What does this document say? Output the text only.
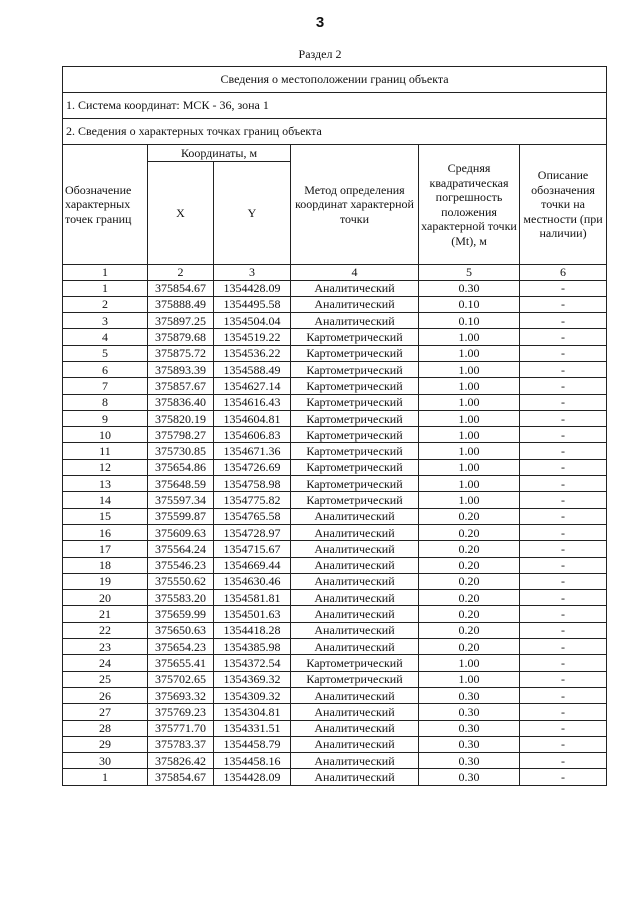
3
Раздел 2
Сведения о местоположении границ объекта					
1. Система координат: МСК - 36, зона 1					
2. Сведения о характерных точках границ объекта					
Обозначение характерных точек границ	Координаты, м		Метод определения координат характерной точки	Средняя квадратическая погрешность положения характерной точки (Mt), м	Описание обозначения точки на местности (при наличии)
	X	Y			
1	2	3	4	5	6
1	375854.67	1354428.09	Аналитический	0.30	-
2	375888.49	1354495.58	Аналитический	0.10	-
3	375897.25	1354504.04	Аналитический	0.10	-
4	375879.68	1354519.22	Картометрический	1.00	-
5	375875.72	1354536.22	Картометрический	1.00	-
6	375893.39	1354588.49	Картометрический	1.00	-
7	375857.67	1354627.14	Картометрический	1.00	-
8	375836.40	1354616.43	Картометрический	1.00	-
9	375820.19	1354604.81	Картометрический	1.00	-
10	375798.27	1354606.83	Картометрический	1.00	-
11	375730.85	1354671.36	Картометрический	1.00	-
12	375654.86	1354726.69	Картометрический	1.00	-
13	375648.59	1354758.98	Картометрический	1.00	-
14	375597.34	1354775.82	Картометрический	1.00	-
15	375599.87	1354765.58	Аналитический	0.20	-
16	375609.63	1354728.97	Аналитический	0.20	-
17	375564.24	1354715.67	Аналитический	0.20	-
18	375546.23	1354669.44	Аналитический	0.20	-
19	375550.62	1354630.46	Аналитический	0.20	-
20	375583.20	1354581.81	Аналитический	0.20	-
21	375659.99	1354501.63	Аналитический	0.20	-
22	375650.63	1354418.28	Аналитический	0.20	-
23	375654.23	1354385.98	Аналитический	0.20	-
24	375655.41	1354372.54	Картометрический	1.00	-
25	375702.65	1354369.32	Картометрический	1.00	-
26	375693.32	1354309.32	Аналитический	0.30	-
27	375769.23	1354304.81	Аналитический	0.30	-
28	375771.70	1354331.51	Аналитический	0.30	-
29	375783.37	1354458.79	Аналитический	0.30	-
30	375826.42	1354458.16	Аналитический	0.30	-
1	375854.67	1354428.09	Аналитический	0.30	-
